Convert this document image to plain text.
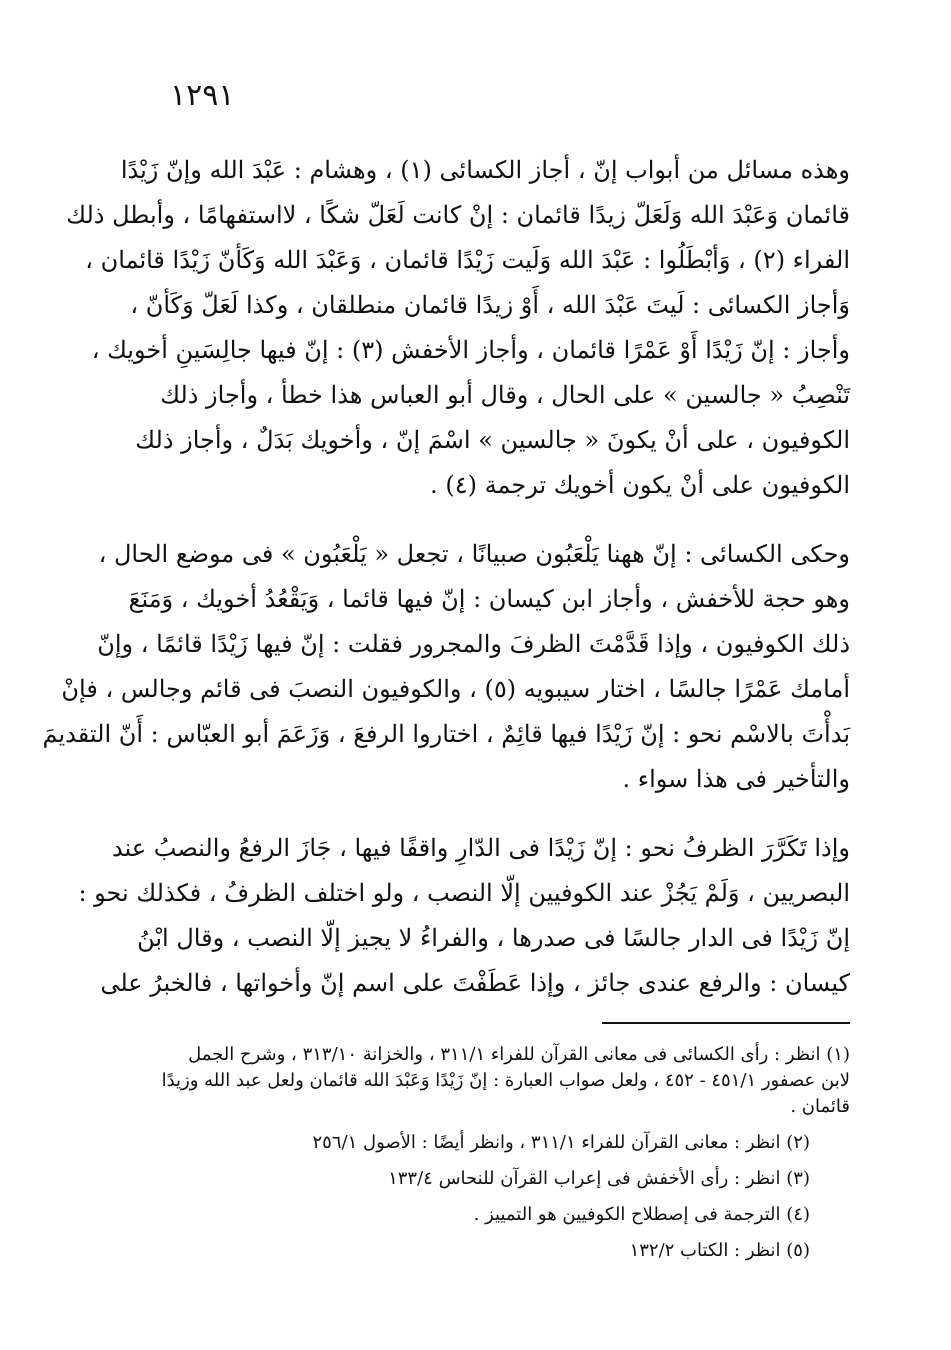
١٢٩١
وهذه مسائل من أبواب إنّ ، أجاز الكسائى (١) ، وهشام : عَبْدَ الله وإنّ زَيْدًا
قائمان وَعَبْدَ الله وَلَعَلّ زيدًا قائمان : إنْ كانت لَعَلّ شكًا ، لااستفهامًا ، وأبطل ذلك
الفراء (٢) ، وَأبْطَلُوا : عَبْدَ الله وَلَيت زَيْدًا قائمان ، وَعَبْدَ الله وَكَأنّ زَيْدًا قائمان ،
وَأجاز الكسائى : لَيتَ عَبْدَ الله ، أَوْ زيدًا قائمان منطلقان ، وكذا لَعَلّ وَكَأنّ ،
وأجاز : إنّ زَيْدًا أَوْ عَمْرًا قائمان ، وأجاز الأخفش (٣) : إنّ فيها جالِسَينِ أخويك ،
تَنْصِبُ « جالسين » على الحال ، وقال أبو العباس هذا خطأ ، وأجاز ذلك
الكوفيون ، على أنْ يكونَ « جالسين » اسْمَ إنّ ، وأخويك بَدَلٌ ، وأجاز ذلك
الكوفيون على أنْ يكون أخويك ترجمة (٤) .
وحكى الكسائى : إنّ ههنا يَلْعَبُون صبيانًا ، تجعل « يَلْعَبُون » فى موضع الحال ،
وهو حجة للأخفش ، وأجاز ابن كيسان : إنّ فيها قائما ، وَيَقْعُدُ أخويك ، وَمَنَعَ
ذلك الكوفيون ، وإذا قَدَّمْتَ الظرفَ والمجرور فقلت : إنّ فيها زَيْدًا قائمًا ، وإنّ
أمامك عَمْرًا جالسًا ، اختار سيبويه (٥) ، والكوفيون النصبَ فى قائم وجالس ، فإنْ
بَدأْتَ بالاسْم نحو : إنّ زَيْدًا فيها قائِمٌ ، اختاروا الرفعَ ، وَزَعَمَ أبو العبّاس : أَنّ التقديمَ
والتأخير فى هذا سواء .
وإذا تَكَرَّرَ الظرفُ نحو : إنّ زَيْدًا فى الدّارِ واقفًا فيها ، جَازَ الرفعُ والنصبُ عند
البصريين ، وَلَمْ يَجُزْ عند الكوفيين إلّا النصب ، ولو اختلف الظرفُ ، فكذلك نحو :
إنّ زَيْدًا فى الدار جالسًا فى صدرها ، والفراءُ لا يجيز إلّا النصب ، وقال ابْنُ
كيسان : والرفع عندى جائز ، وإذا عَطَفْتَ على اسم إنّ وأخواتها ، فالخبرُ على
(١) انظر : رأى الكسائى فى معانى القرآن للفراء ٣١١/١ ، والخزانة ٣١٣/١٠ ، وشرح الجمل
لابن عصفور ٤٥١/١ - ٤٥٢ ، ولعل صواب العبارة : إنّ زَيْدًا وَعَبْدَ الله قائمان ولعل عبد الله وزيدًا
قائمان .
(٢) انظر : معانى القرآن للفراء ٣١١/١ ، وانظر أيضًا : الأصول ٢٥٦/١
(٣) انظر : رأى الأخفش فى إعراب القرآن للنحاس ١٣٣/٤
(٤) الترجمة فى إصطلاح الكوفيين هو التمييز .
(٥) انظر : الكتاب ١٣٢/٢
